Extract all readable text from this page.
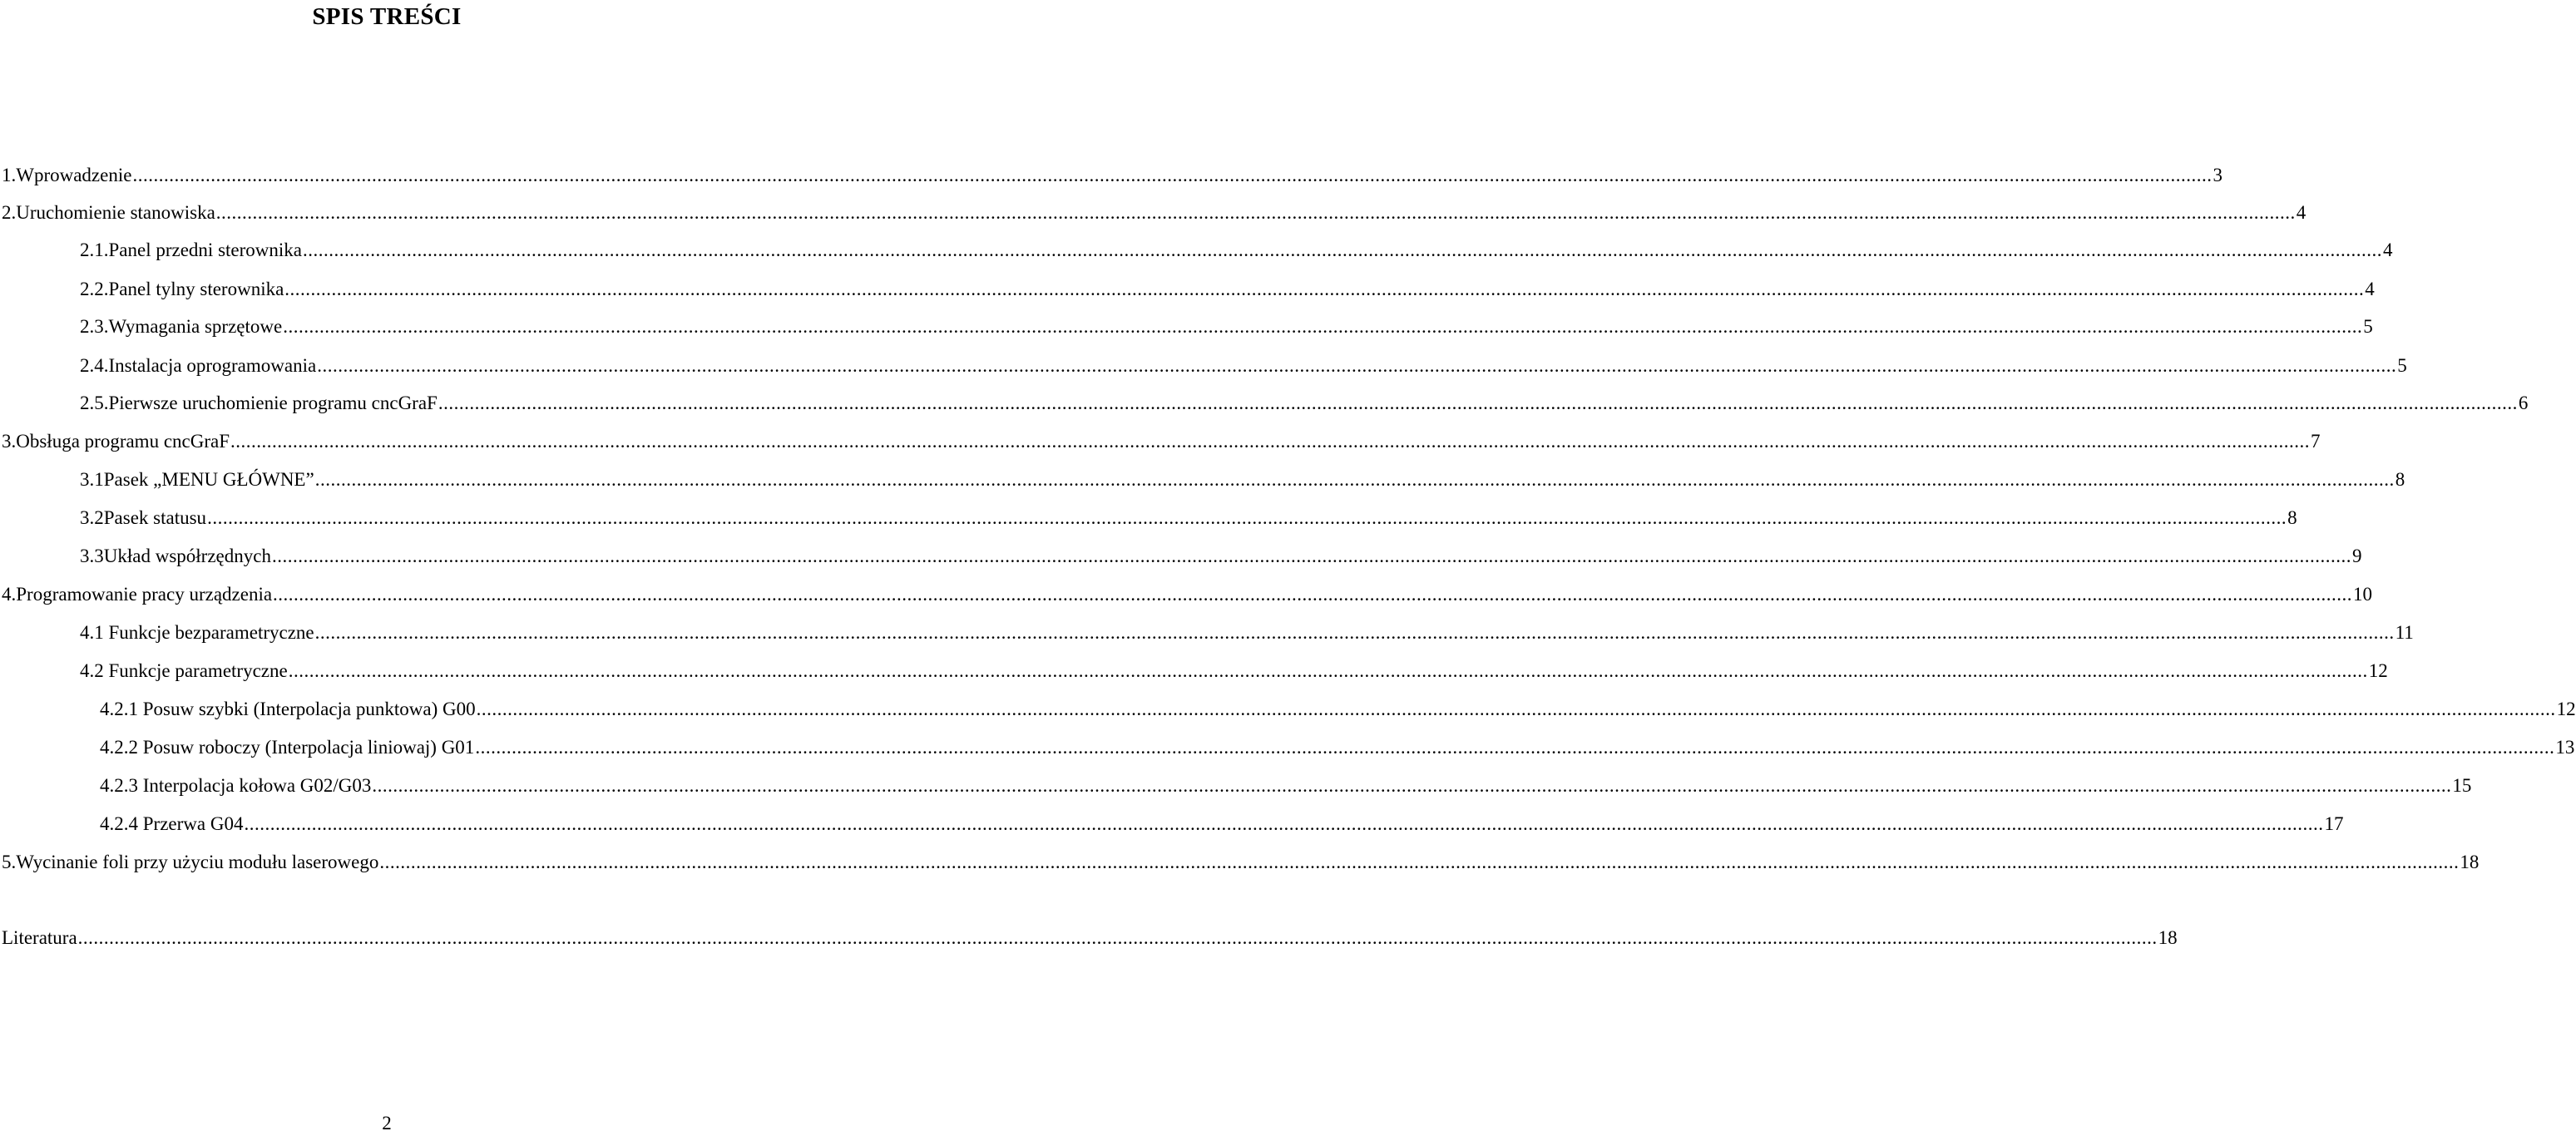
SPIS TREŚCI
1. Wprowadzenie ................................................................................................................................................................................................................................................................................................................................................................................................................ 3
2. Uruchomienie stanowiska ................................................................................................................................................................................................................................................................................................................................................................................................................ 4
2.1. Panel przedni sterownika ................................................................................................................................................................................................................................................................................................................................................................................................................ 4
2.2. Panel tylny sterownika ................................................................................................................................................................................................................................................................................................................................................................................................................ 4
2.3. Wymagania sprzętowe ................................................................................................................................................................................................................................................................................................................................................................................................................ 5
2.4. Instalacja oprogramowania ................................................................................................................................................................................................................................................................................................................................................................................................................ 5
2.5. Pierwsze uruchomienie programu cncGraF ................................................................................................................................................................................................................................................................................................................................................................................................................ 6
3. Obsługa programu cncGraF ................................................................................................................................................................................................................................................................................................................................................................................................................ 7
3.1 Pasek „MENU GŁÓWNE” ................................................................................................................................................................................................................................................................................................................................................................................................................ 8
3.2 Pasek statusu ................................................................................................................................................................................................................................................................................................................................................................................................................ 8
3.3 Układ współrzędnych ................................................................................................................................................................................................................................................................................................................................................................................................................ 9
4. Programowanie pracy urządzenia ................................................................................................................................................................................................................................................................................................................................................................................................................ 10
4.1 Funkcje bezparametryczne ................................................................................................................................................................................................................................................................................................................................................................................................................ 11
4.2 Funkcje parametryczne ................................................................................................................................................................................................................................................................................................................................................................................................................ 12
4.2.1 Posuw szybki (Interpolacja punktowa) G00 ................................................................................................................................................................................................................................................................................................................................................................................................................ 12
4.2.2 Posuw roboczy (Interpolacja liniowaj) G01 ................................................................................................................................................................................................................................................................................................................................................................................................................ 13
4.2.3 Interpolacja kołowa G02/G03 ................................................................................................................................................................................................................................................................................................................................................................................................................ 15
4.2.4 Przerwa G04 ................................................................................................................................................................................................................................................................................................................................................................................................................ 17
5. Wycinanie foli przy użyciu modułu laserowego ................................................................................................................................................................................................................................................................................................................................................................................................................ 18
Literatura ................................................................................................................................................................................................................................................................................................................................................................................................................ 18
2
